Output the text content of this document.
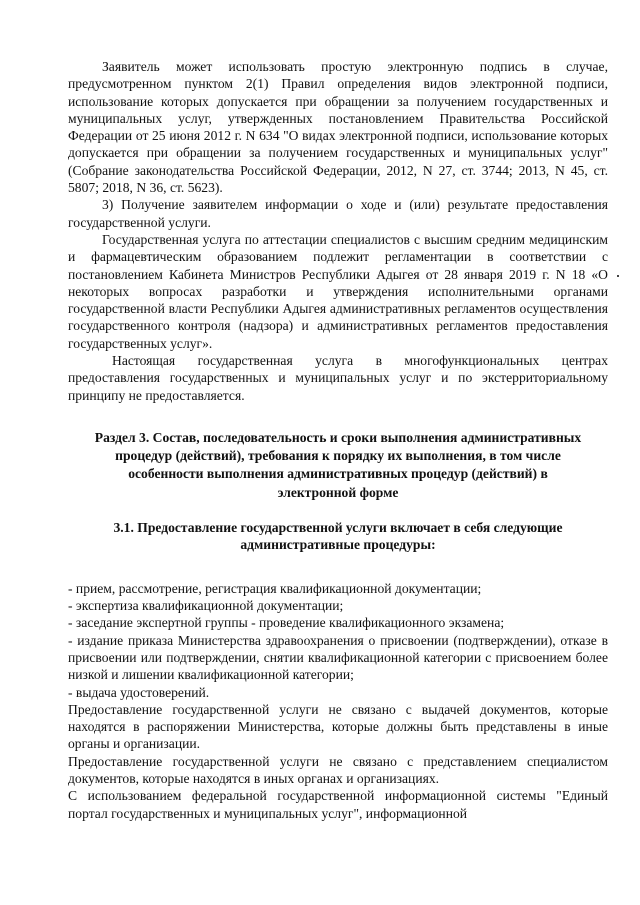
Заявитель может использовать простую электронную подпись в случае, предусмотренном пунктом 2(1) Правил определения видов электронной подписи, использование которых допускается при обращении за получением государственных и муниципальных услуг, утвержденных постановлением Правительства Российской Федерации от 25 июня 2012 г. N 634 "О видах электронной подписи, использование которых допускается при обращении за получением государственных и муниципальных услуг" (Собрание законодательства Российской Федерации, 2012, N 27, ст. 3744; 2013, N 45, ст. 5807; 2018, N 36, ст. 5623).

3) Получение заявителем информации о ходе и (или) результате предоставления государственной услуги.

Государственная услуга по аттестации специалистов с высшим средним медицинским и фармацевтическим образованием подлежит регламентации в соответствии с постановлением Кабинета Министров Республики Адыгея от 28 января 2019 г. N 18 «О некоторых вопросах разработки и утверждения исполнительными органами государственной власти Республики Адыгея административных регламентов осуществления государственного контроля (надзора) и административных регламентов предоставления государственных услуг».

Настоящая государственная услуга в многофункциональных центрах предоставления государственных и муниципальных услуг и по экстерриториальному принципу не предоставляется.

Раздел 3. Состав, последовательность и сроки выполнения административных процедур (действий), требования к порядку их выполнения, в том числе особенности выполнения административных процедур (действий) в электронной форме
3.1. Предоставление государственной услуги включает в себя следующие административные процедуры:
- прием, рассмотрение, регистрация квалификационной документации;
- экспертиза квалификационной документации;
- заседание экспертной группы - проведение квалификационного экзамена;
- издание приказа Министерства здравоохранения о присвоении (подтверждении), отказе в присвоении или подтверждении, снятии квалификационной категории с присвоением более низкой и лишении квалификационной категории;
- выдача удостоверений.

Предоставление государственной услуги не связано с выдачей документов, которые находятся в распоряжении Министерства, которые должны быть представлены в иные органы и организации.

Предоставление государственной услуги не связано с представлением специалистом документов, которые находятся в иных органах и организациях.

С использованием федеральной государственной информационной системы "Единый портал государственных и муниципальных услуг", информационной
